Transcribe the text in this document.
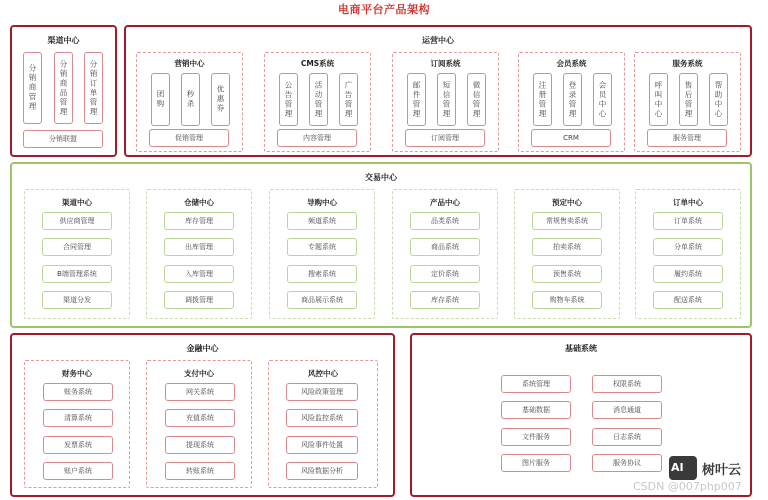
电商平台产品架构
渠道中心
分销商管理	分销商品管理	分销订单管理
分销联盟
运营中心
营销中心
团购	秒杀	优惠券
促销管理
CMS系统
公告管理	活动管理	广告管理
内容管理
订阅系统
邮件管理	短信管理	微信管理
订阅管理
会员系统
注册管理	登录管理	会员中心
CRM
服务系统
呼叫中心	售后管理	帮助中心
服务管理
交易中心
渠道中心
供应商管理
合同管理
B端管理系统
渠道分发
仓储中心
库存管理
出库管理
入库管理
调拨管理
导购中心
频道系统
专题系统
搜索系统
商品展示系统
产品中心
品类系统
商品系统
定价系统
库存系统
预定中心
常规售卖系统
拍卖系统
预售系统
购物车系统
订单中心
订单系统
分单系统
履约系统
配送系统
金融中心
财务中心
账务系统
清算系统
发票系统
账户系统
支付中心
网关系统
充值系统
提现系统
转账系统
风控中心
风险政策管理
风险监控系统
风险事件处置
风险数据分析
基础系统
系统管理
基础数据
文件服务
图片服务
权限系统
消息通道
日志系统
服务协议
CSDN @007php007
AI	树叶云
